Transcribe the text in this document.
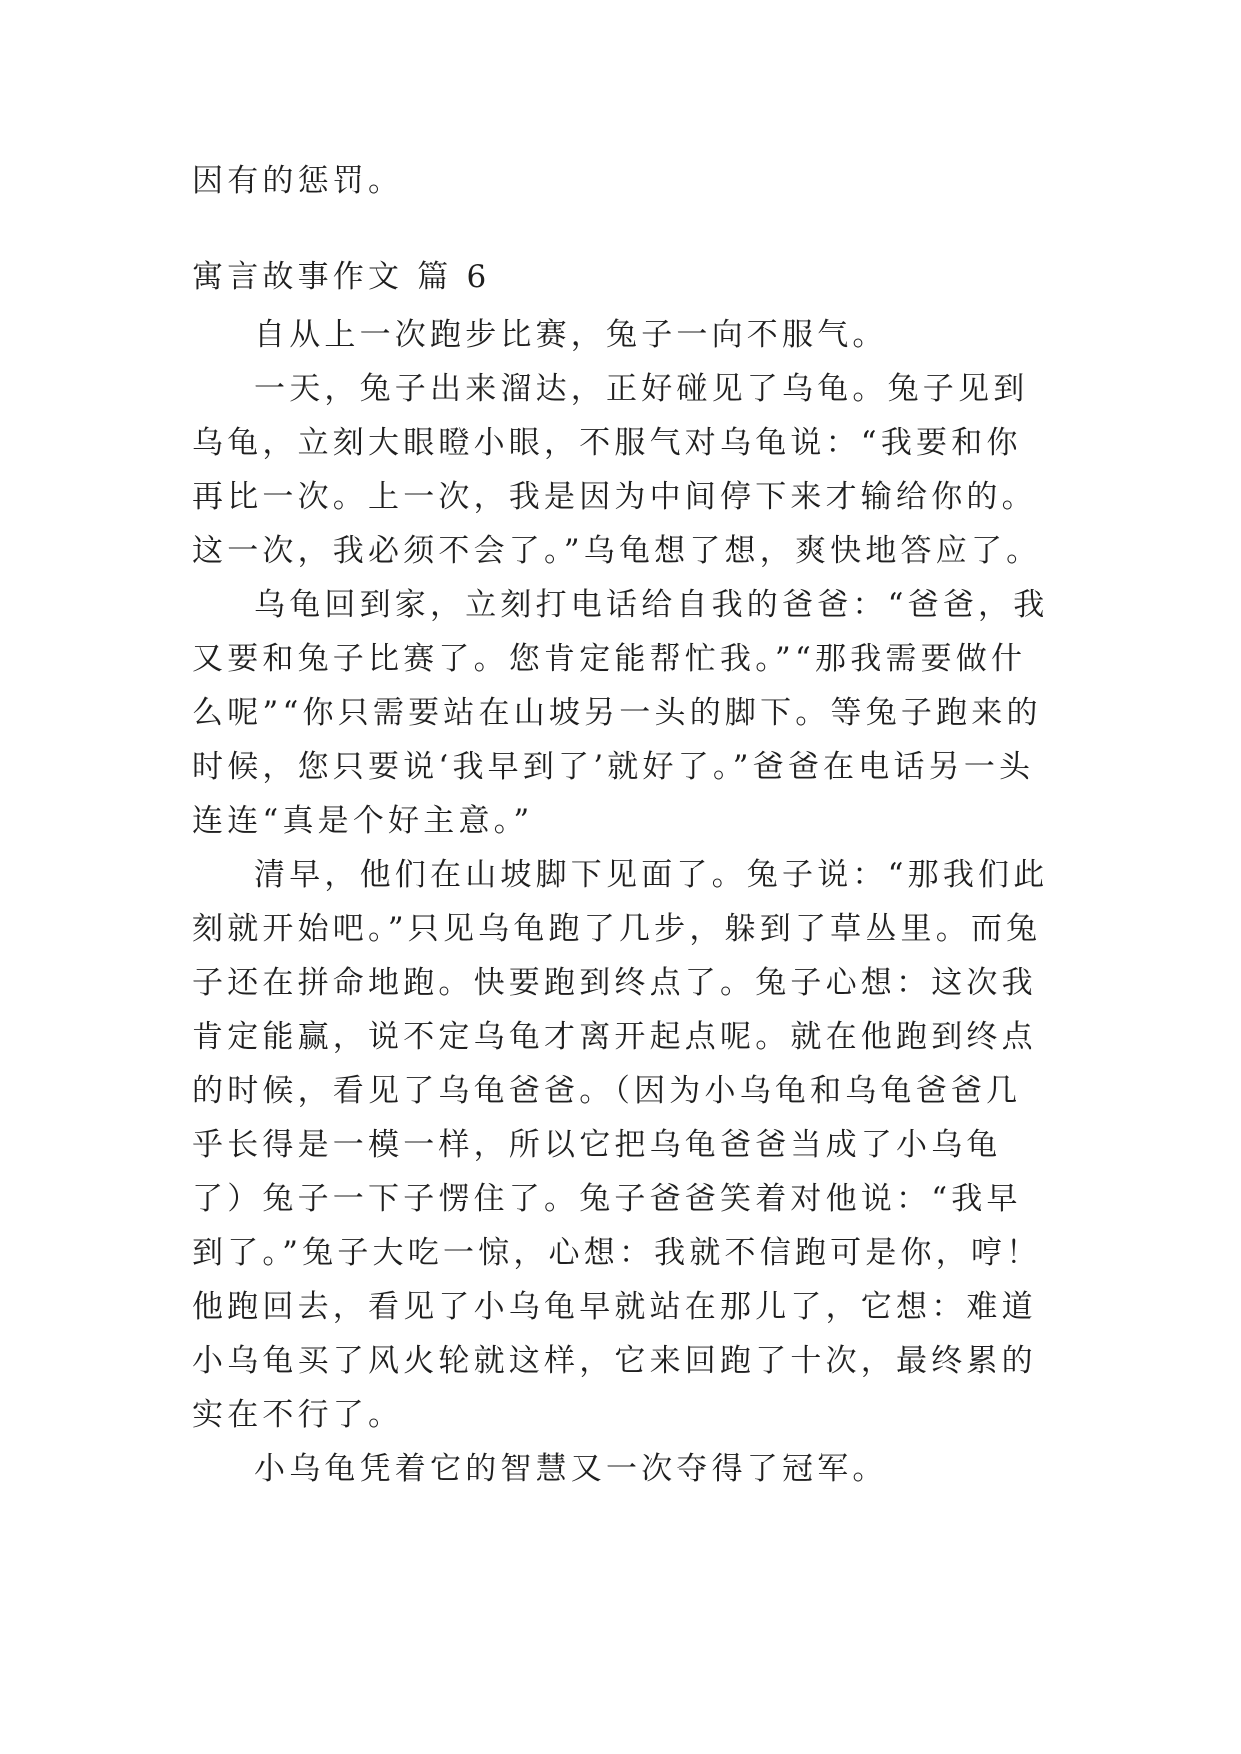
因有的惩罚。

寓言故事作文 篇 6

自从上一次跑步比赛，兔子一向不服气。

一天，兔子出来溜达，正好碰见了乌龟。兔子见到乌龟，立刻大眼瞪小眼，不服气对乌龟说：“我要和你再比一次。上一次，我是因为中间停下来才输给你的。这一次，我必须不会了。”乌龟想了想，爽快地答应了。

乌龟回到家，立刻打电话给自我的爸爸：“爸爸，我又要和兔子比赛了。您肯定能帮忙我。”“那我需要做什么呢”“你只需要站在山坡另一头的脚下。等兔子跑来的时候，您只要说‘我早到了’就好了。”爸爸在电话另一头连连“真是个好主意。”

清早，他们在山坡脚下见面了。兔子说：“那我们此刻就开始吧。”只见乌龟跑了几步，躲到了草丛里。而兔子还在拼命地跑。快要跑到终点了。兔子心想：这次我肯定能赢，说不定乌龟才离开起点呢。就在他跑到终点的时候，看见了乌龟爸爸。（因为小乌龟和乌龟爸爸几乎长得是一模一样，所以它把乌龟爸爸当成了小乌龟了）兔子一下子愣住了。兔子爸爸笑着对他说：“我早到了。”兔子大吃一惊，心想：我就不信跑可是你，哼！他跑回去，看见了小乌龟早就站在那儿了，它想：难道小乌龟买了风火轮就这样，它来回跑了十次，最终累的实在不行了。

小乌龟凭着它的智慧又一次夺得了冠军。
